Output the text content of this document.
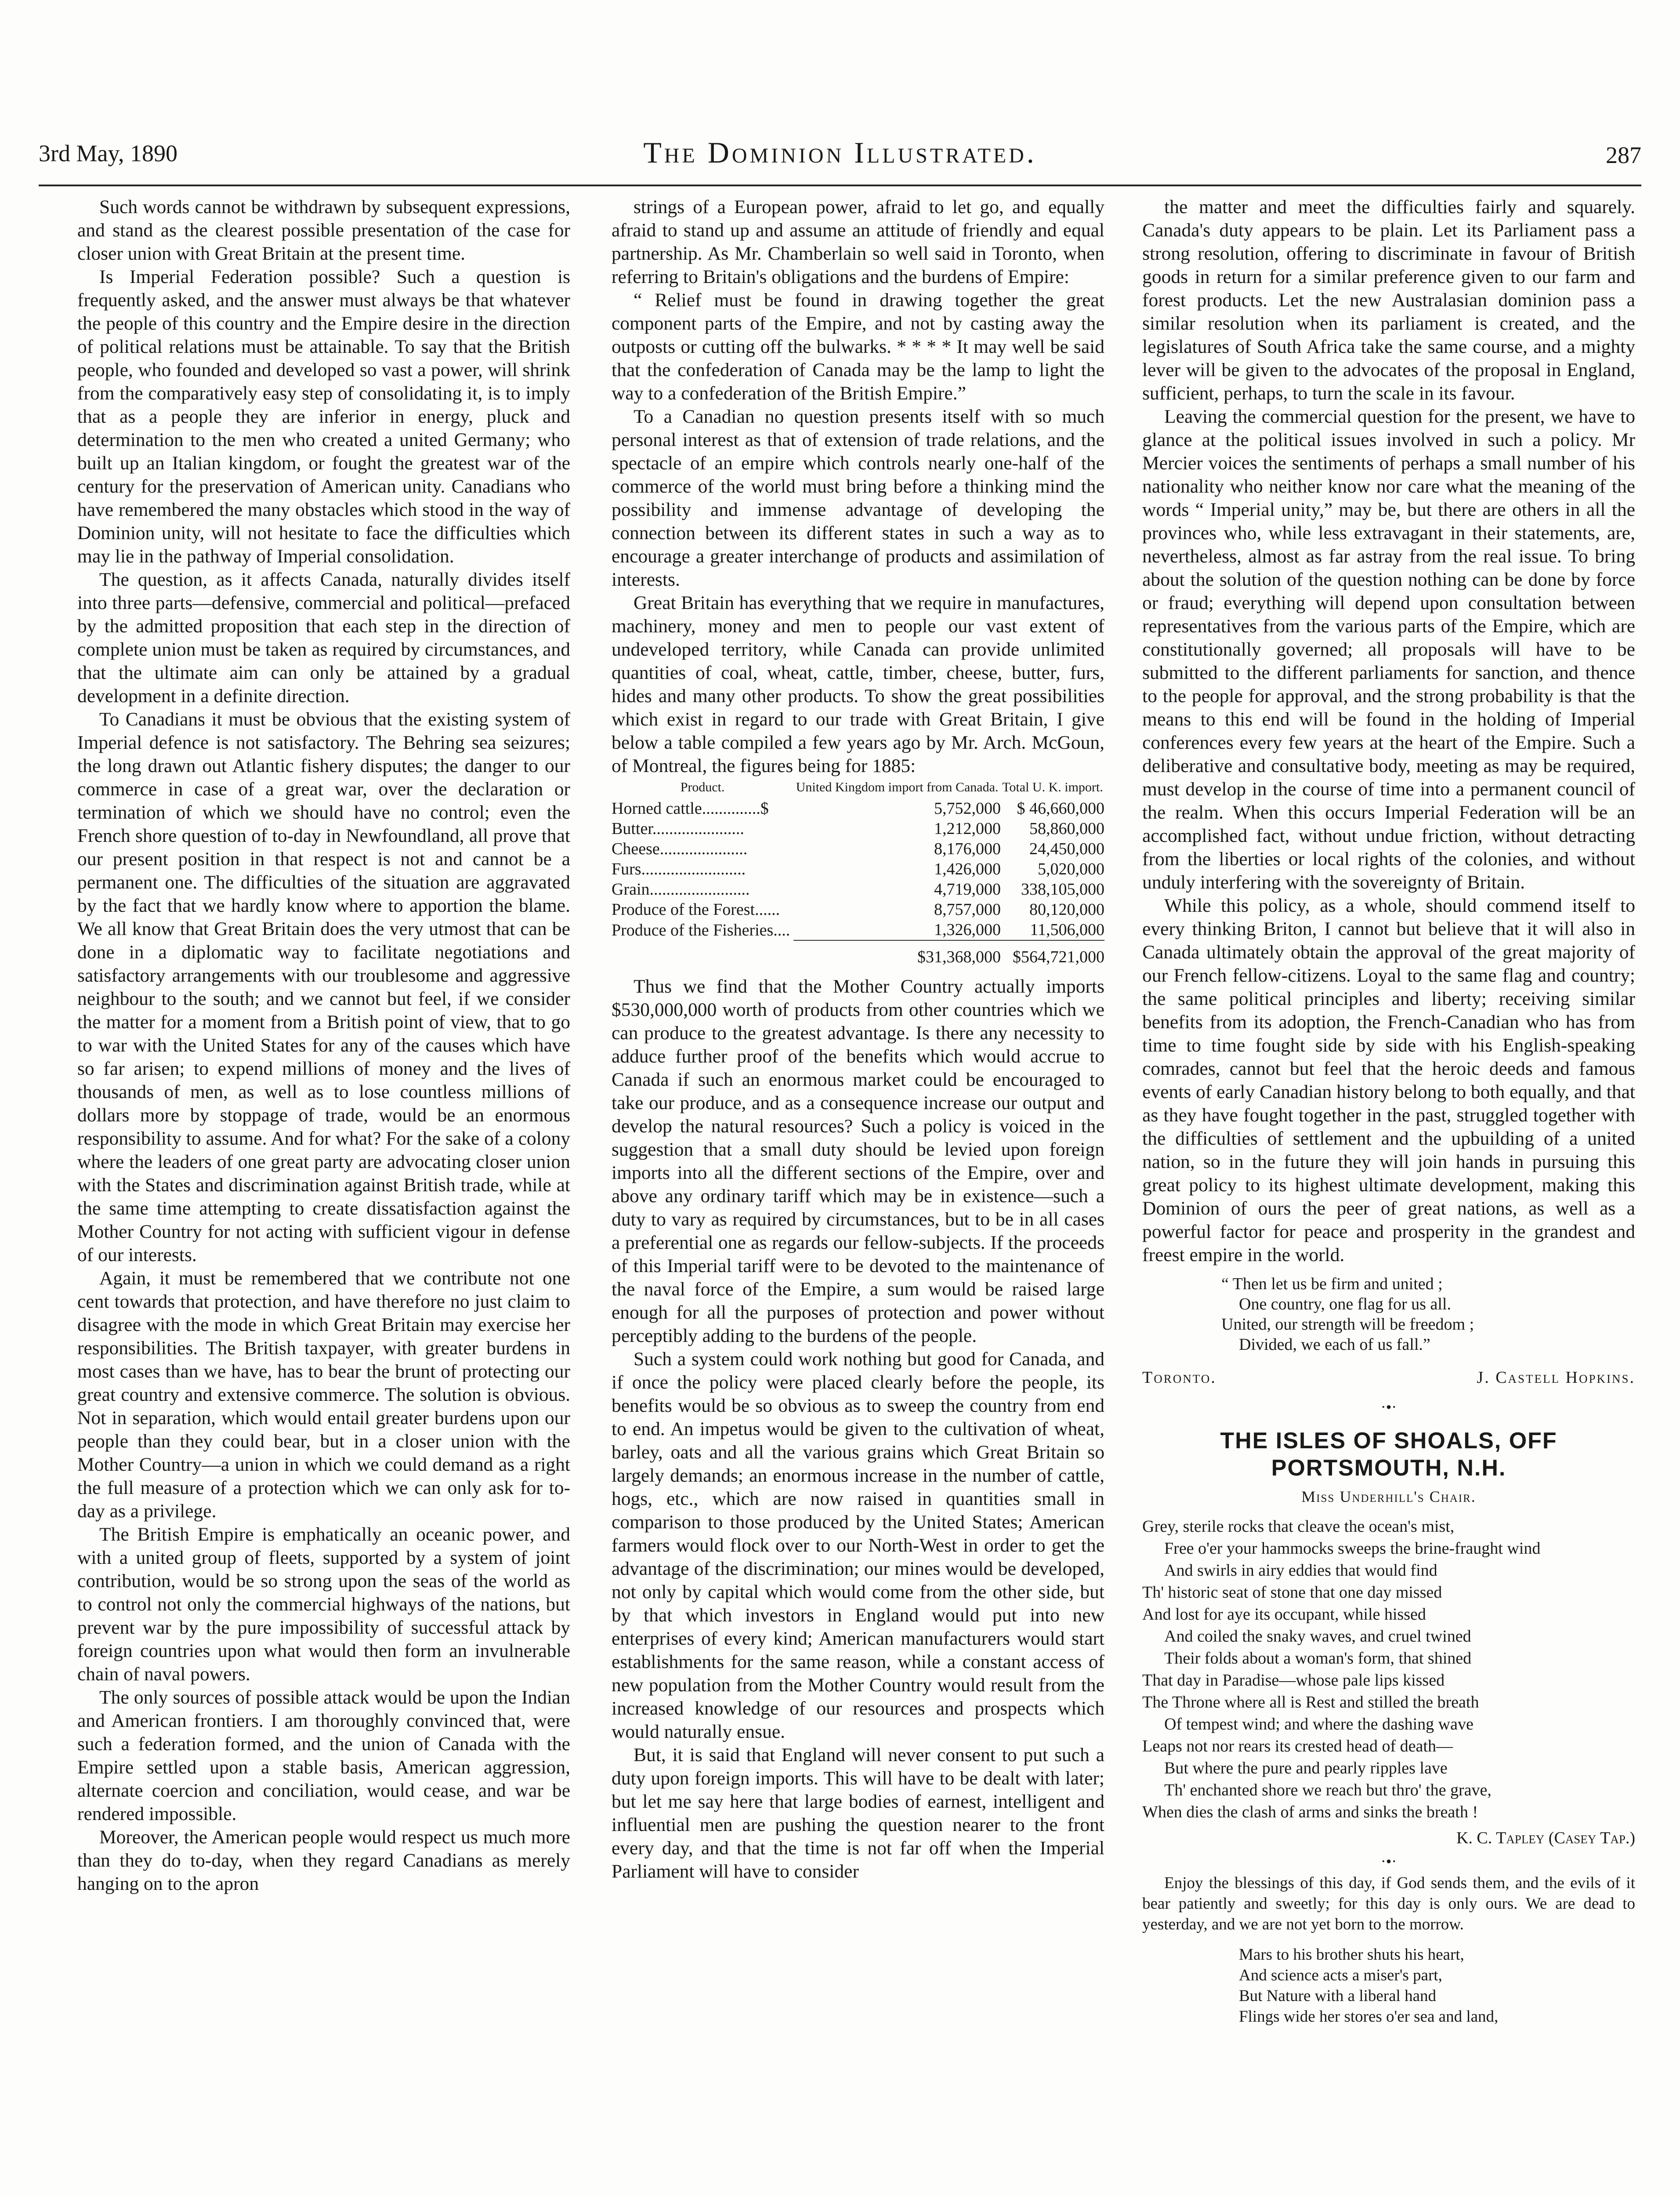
3rd May, 1890	The Dominion Illustrated.	287

Such words cannot be withdrawn by subsequent expressions, and stand as the clearest possible presentation of the case for closer union with Great Britain at the present time.

Is Imperial Federation possible? Such a question is frequently asked, and the answer must always be that whatever the people of this country and the Empire desire in the direction of political relations must be attainable. To say that the British people, who founded and developed so vast a power, will shrink from the comparatively easy step of consolidating it, is to imply that as a people they are inferior in energy, pluck and determination to the men who created a united Germany; who built up an Italian kingdom, or fought the greatest war of the century for the preservation of American unity. Canadians who have remembered the many obstacles which stood in the way of Dominion unity, will not hesitate to face the difficulties which may lie in the pathway of Imperial consolidation.

The question, as it affects Canada, naturally divides itself into three parts—defensive, commercial and political—prefaced by the admitted proposition that each step in the direction of complete union must be taken as required by circumstances, and that the ultimate aim can only be attained by a gradual development in a definite direction.

To Canadians it must be obvious that the existing system of Imperial defence is not satisfactory. The Behring sea seizures; the long drawn out Atlantic fishery disputes; the danger to our commerce in case of a great war, over the declaration or termination of which we should have no control; even the French shore question of to-day in Newfoundland, all prove that our present position in that respect is not and cannot be a permanent one. The difficulties of the situation are aggravated by the fact that we hardly know where to apportion the blame. We all know that Great Britain does the very utmost that can be done in a diplomatic way to facilitate negotiations and satisfactory arrangements with our troublesome and aggressive neighbour to the south; and we cannot but feel, if we consider the matter for a moment from a British point of view, that to go to war with the United States for any of the causes which have so far arisen; to expend millions of money and the lives of thousands of men, as well as to lose countless millions of dollars more by stoppage of trade, would be an enormous responsibility to assume. And for what? For the sake of a colony where the leaders of one great party are advocating closer union with the States and discrimination against British trade, while at the same time attempting to create dissatisfaction against the Mother Country for not acting with sufficient vigour in defense of our interests.

Again, it must be remembered that we contribute not one cent towards that protection, and have therefore no just claim to disagree with the mode in which Great Britain may exercise her responsibilities. The British taxpayer, with greater burdens in most cases than we have, has to bear the brunt of protecting our great country and extensive commerce. The solution is obvious. Not in separation, which would entail greater burdens upon our people than they could bear, but in a closer union with the Mother Country—a union in which we could demand as a right the full measure of a protection which we can only ask for to-day as a privilege.

The British Empire is emphatically an oceanic power, and with a united group of fleets, supported by a system of joint contribution, would be so strong upon the seas of the world as to control not only the commercial highways of the nations, but prevent war by the pure impossibility of successful attack by foreign countries upon what would then form an invulnerable chain of naval powers.

The only sources of possible attack would be upon the Indian and American frontiers. I am thoroughly convinced that, were such a federation formed, and the union of Canada with the Empire settled upon a stable basis, American aggression, alternate coercion and conciliation, would cease, and war be rendered impossible.

Moreover, the American people would respect us much more than they do to-day, when they regard Canadians as merely hanging on to the apron

strings of a European power, afraid to let go, and equally afraid to stand up and assume an attitude of friendly and equal partnership. As Mr. Chamberlain so well said in Toronto, when referring to Britain's obligations and the burdens of Empire:

“ Relief must be found in drawing together the great component parts of the Empire, and not by casting away the outposts or cutting off the bulwarks. * * * * It may well be said that the confederation of Canada may be the lamp to light the way to a confederation of the British Empire.”

To a Canadian no question presents itself with so much personal interest as that of extension of trade relations, and the spectacle of an empire which controls nearly one-half of the commerce of the world must bring before a thinking mind the possibility and immense advantage of developing the connection between its different states in such a way as to encourage a greater interchange of products and assimilation of interests.

Great Britain has everything that we require in manufactures, machinery, money and men to people our vast extent of undeveloped territory, while Canada can provide unlimited quantities of coal, wheat, cattle, timber, cheese, butter, furs, hides and many other products. To show the great possibilities which exist in regard to our trade with Great Britain, I give below a table compiled a few years ago by Mr. Arch. McGoun, of Montreal, the figures being for 1885:

Product.	United Kingdom import from Canada.	Total U. K. import.
Horned cattle..............$	5,752,000	$ 46,660,000
Butter......................	1,212,000	58,860,000
Cheese.....................	8,176,000	24,450,000
Furs.........................	1,426,000	5,020,000
Grain........................	4,719,000	338,105,000
Produce of the Forest......	8,757,000	80,120,000
Produce of the Fisheries....	1,326,000	11,506,000
	$31,368,000	$564,721,000

Thus we find that the Mother Country actually imports $530,000,000 worth of products from other countries which we can produce to the greatest advantage. Is there any necessity to adduce further proof of the benefits which would accrue to Canada if such an enormous market could be encouraged to take our produce, and as a consequence increase our output and develop the natural resources? Such a policy is voiced in the suggestion that a small duty should be levied upon foreign imports into all the different sections of the Empire, over and above any ordinary tariff which may be in existence—such a duty to vary as required by circumstances, but to be in all cases a preferential one as regards our fellow-subjects. If the proceeds of this Imperial tariff were to be devoted to the maintenance of the naval force of the Empire, a sum would be raised large enough for all the purposes of protection and power without perceptibly adding to the burdens of the people.

Such a system could work nothing but good for Canada, and if once the policy were placed clearly before the people, its benefits would be so obvious as to sweep the country from end to end. An impetus would be given to the cultivation of wheat, barley, oats and all the various grains which Great Britain so largely demands; an enormous increase in the number of cattle, hogs, etc., which are now raised in quantities small in comparison to those produced by the United States; American farmers would flock over to our North-West in order to get the advantage of the discrimination; our mines would be developed, not only by capital which would come from the other side, but by that which investors in England would put into new enterprises of every kind; American manufacturers would start establishments for the same reason, while a constant access of new population from the Mother Country would result from the increased knowledge of our resources and prospects which would naturally ensue.

But, it is said that England will never consent to put such a duty upon foreign imports. This will have to be dealt with later; but let me say here that large bodies of earnest, intelligent and influential men are pushing the question nearer to the front every day, and that the time is not far off when the Imperial Parliament will have to consider

the matter and meet the difficulties fairly and squarely. Canada's duty appears to be plain. Let its Parliament pass a strong resolution, offering to discriminate in favour of British goods in return for a similar preference given to our farm and forest products. Let the new Australasian dominion pass a similar resolution when its parliament is created, and the legislatures of South Africa take the same course, and a mighty lever will be given to the advocates of the proposal in England, sufficient, perhaps, to turn the scale in its favour.

Leaving the commercial question for the present, we have to glance at the political issues involved in such a policy. Mr Mercier voices the sentiments of perhaps a small number of his nationality who neither know nor care what the meaning of the words “ Imperial unity,” may be, but there are others in all the provinces who, while less extravagant in their statements, are, nevertheless, almost as far astray from the real issue. To bring about the solution of the question nothing can be done by force or fraud; everything will depend upon consultation between representatives from the various parts of the Empire, which are constitutionally governed; all proposals will have to be submitted to the different parliaments for sanction, and thence to the people for approval, and the strong probability is that the means to this end will be found in the holding of Imperial conferences every few years at the heart of the Empire. Such a deliberative and consultative body, meeting as may be required, must develop in the course of time into a permanent council of the realm. When this occurs Imperial Federation will be an accomplished fact, without undue friction, without detracting from the liberties or local rights of the colonies, and without unduly interfering with the sovereignty of Britain.

While this policy, as a whole, should commend itself to every thinking Briton, I cannot but believe that it will also in Canada ultimately obtain the approval of the great majority of our French fellow-citizens. Loyal to the same flag and country; the same political principles and liberty; receiving similar benefits from its adoption, the French-Canadian who has from time to time fought side by side with his English-speaking comrades, cannot but feel that the heroic deeds and famous events of early Canadian history belong to both equally, and that as they have fought together in the past, struggled together with the difficulties of settlement and the upbuilding of a united nation, so in the future they will join hands in pursuing this great policy to its highest ultimate development, making this Dominion of ours the peer of great nations, as well as a powerful factor for peace and prosperity in the grandest and freest empire in the world.

“ Then let us be firm and united ;
One country, one flag for us all.
United, our strength will be freedom ;
Divided, we each of us fall.”
Toronto.	J. Castell Hopkins.
·•·
THE ISLES OF SHOALS, OFF PORTSMOUTH, N.H.
Miss Underhill's Chair.
Grey, sterile rocks that cleave the ocean's mist,
Free o'er your hammocks sweeps the brine-fraught wind
And swirls in airy eddies that would find
Th' historic seat of stone that one day missed
And lost for aye its occupant, while hissed
And coiled the snaky waves, and cruel twined
Their folds about a woman's form, that shined
That day in Paradise—whose pale lips kissed
The Throne where all is Rest and stilled the breath
Of tempest wind; and where the dashing wave
Leaps not nor rears its crested head of death—
But where the pure and pearly ripples lave
Th' enchanted shore we reach but thro' the grave,
When dies the clash of arms and sinks the breath !
K. C. Tapley (Casey Tap.)
·•·

Enjoy the blessings of this day, if God sends them, and the evils of it bear patiently and sweetly; for this day is only ours. We are dead to yesterday, and we are not yet born to the morrow.

Mars to his brother shuts his heart,
And science acts a miser's part,
But Nature with a liberal hand
Flings wide her stores o'er sea and land,
